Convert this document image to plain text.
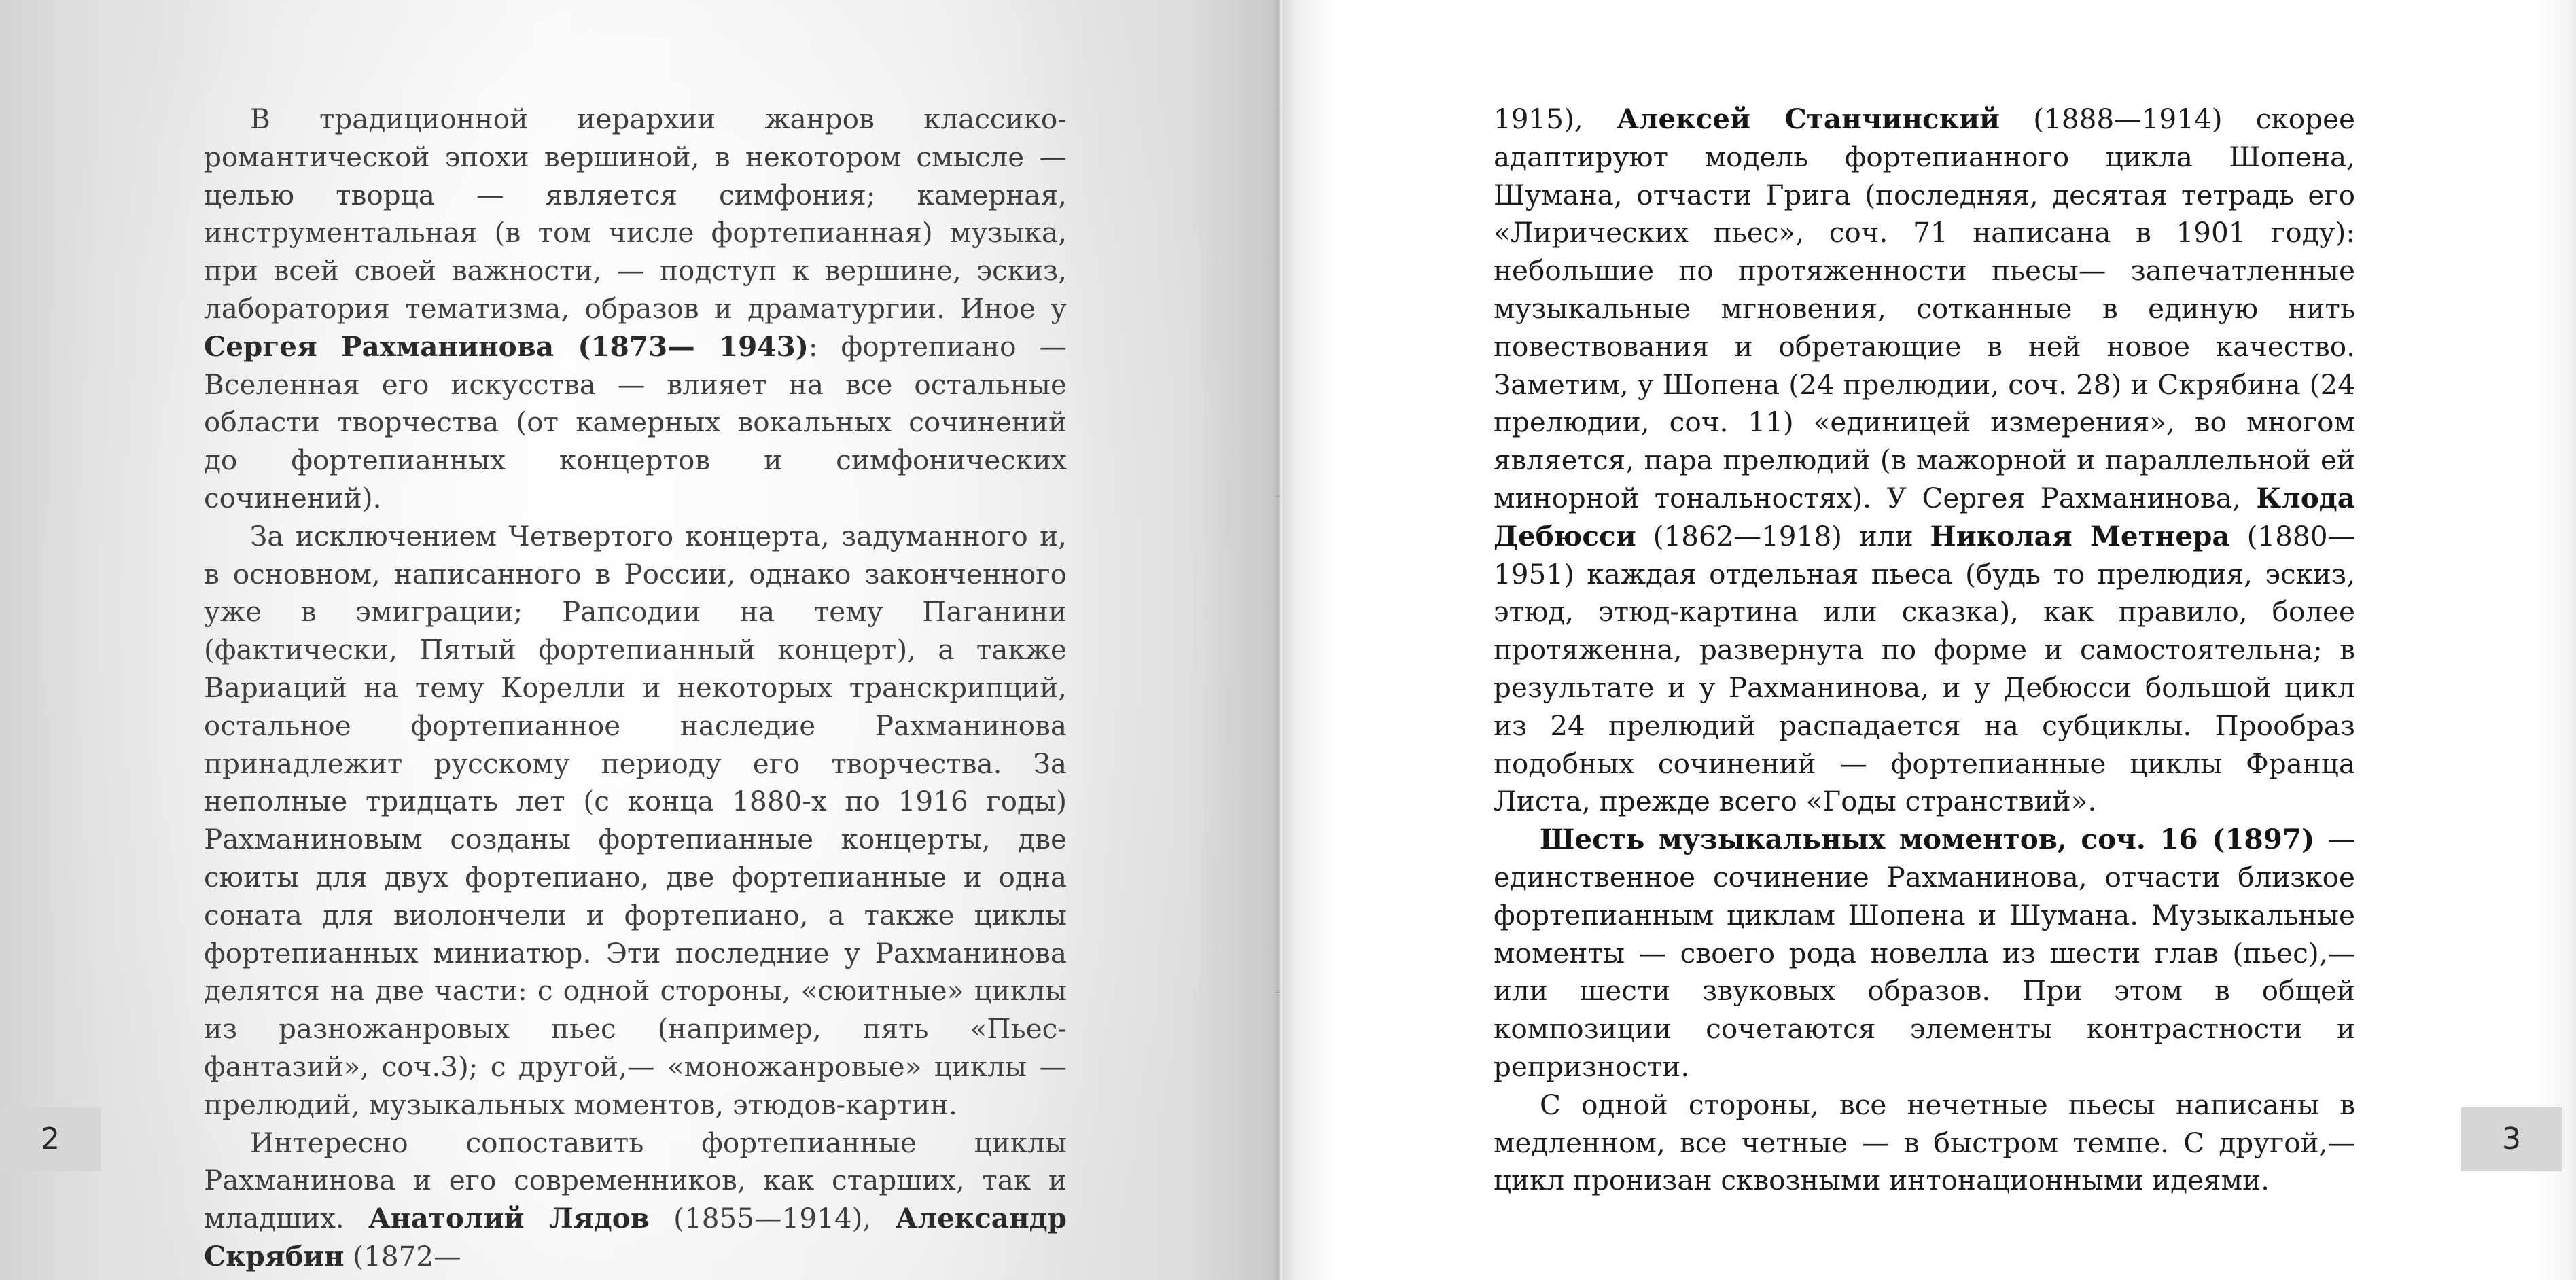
В традиционной иерархии жанров классико-романтической эпохи вершиной, в некотором смысле — целью творца — является симфония; камерная, инструментальная (в том числе фортепианная) музыка, при всей своей важности, — подступ к вершине, эскиз, лаборатория тематизма, образов и драматургии. Иное у Сергея Рахманинова (1873— 1943): фортепиано — Вселенная его искусства — влияет на все остальные области творчества (от камерных вокальных сочинений до фортепианных концертов и симфонических сочинений).

За исключением Четвертого концерта, задуманного и, в основном, написанного в России, однако законченного уже в эмиграции; Рапсодии на тему Паганини (фактически, Пятый фортепианный концерт), а также Вариаций на тему Корелли и некоторых транскрипций, остальное фортепианное наследие Рахманинова принадлежит русскому периоду его творчества. За неполные тридцать лет (с конца 1880-х по 1916 годы) Рахманиновым созданы фортепианные концерты, две сюиты для двух фортепиано, две фортепианные и одна соната для виолончели и фортепиано, а также циклы фортепианных миниатюр. Эти последние у Рахманинова делятся на две части: с одной стороны, «сюитные» циклы из разножанровых пьес (например, пять «Пьес-фантазий», соч.3); с другой,— «моножанровые» циклы — прелюдий, музыкальных моментов, этюдов-картин.

Интересно сопоставить фортепианные циклы Рахманинова и его современников, как старших, так и младших. Анатолий Лядов (1855—1914), Александр Скрябин (1872—

2

1915), Алексей Станчинский (1888—1914) скорее адаптируют модель фортепианного цикла Шопена, Шумана, отчасти Грига (последняя, десятая тетрадь его «Лирических пьес», соч. 71 написана в 1901 году): небольшие по протяженности пьесы— запечатленные музыкальные мгновения, сотканные в единую нить повествования и обретающие в ней новое качество. Заметим, у Шопена (24 прелюдии, соч. 28) и Скрябина (24 прелюдии, соч. 11) «единицей измерения», во многом является, пара прелюдий (в мажорной и параллельной ей минорной тональностях). У Сергея Рахманинова, Клода Дебюсси (1862—1918) или Николая Метнера (1880—1951) каждая отдельная пьеса (будь то прелюдия, эскиз, этюд, этюд-картина или сказка), как правило, более протяженна, развернута по форме и самостоятельна; в результате и у Рахманинова, и у Дебюсси большой цикл из 24 прелюдий распадается на субциклы. Прообраз подобных сочинений — фортепианные циклы Франца Листа, прежде всего «Годы странствий».

Шесть музыкальных моментов, соч. 16 (1897) — единственное сочинение Рахманинова, отчасти близкое фортепианным циклам Шопена и Шумана. Музыкальные моменты — своего рода новелла из шести глав (пьес),— или шести звуковых образов. При этом в общей композиции сочетаются элементы контрастности и репризности.

С одной стороны, все нечетные пьесы написаны в медленном, все четные — в быстром темпе. С другой,— цикл пронизан сквозными интонационными идеями.

3
